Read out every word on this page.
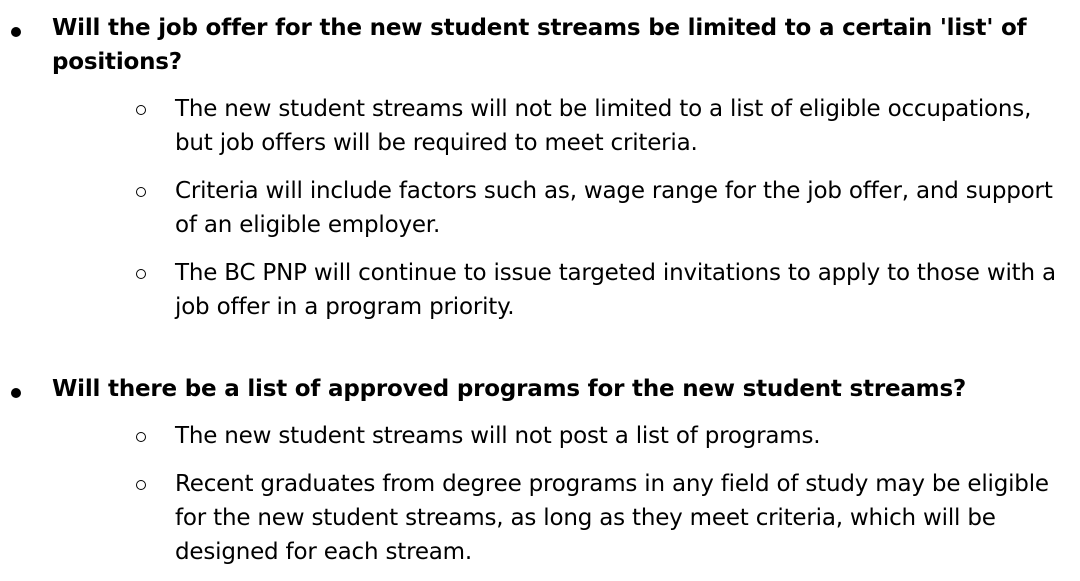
Will the job offer for the new student streams be limited to a certain 'list' of positions?
The new student streams will not be limited to a list of eligible occupations, but job offers will be required to meet criteria.
Criteria will include factors such as, wage range for the job offer, and support of an eligible employer.
The BC PNP will continue to issue targeted invitations to apply to those with a job offer in a program priority.
Will there be a list of approved programs for the new student streams?
The new student streams will not post a list of programs.
Recent graduates from degree programs in any field of study may be eligible for the new student streams, as long as they meet criteria, which will be designed for each stream.
